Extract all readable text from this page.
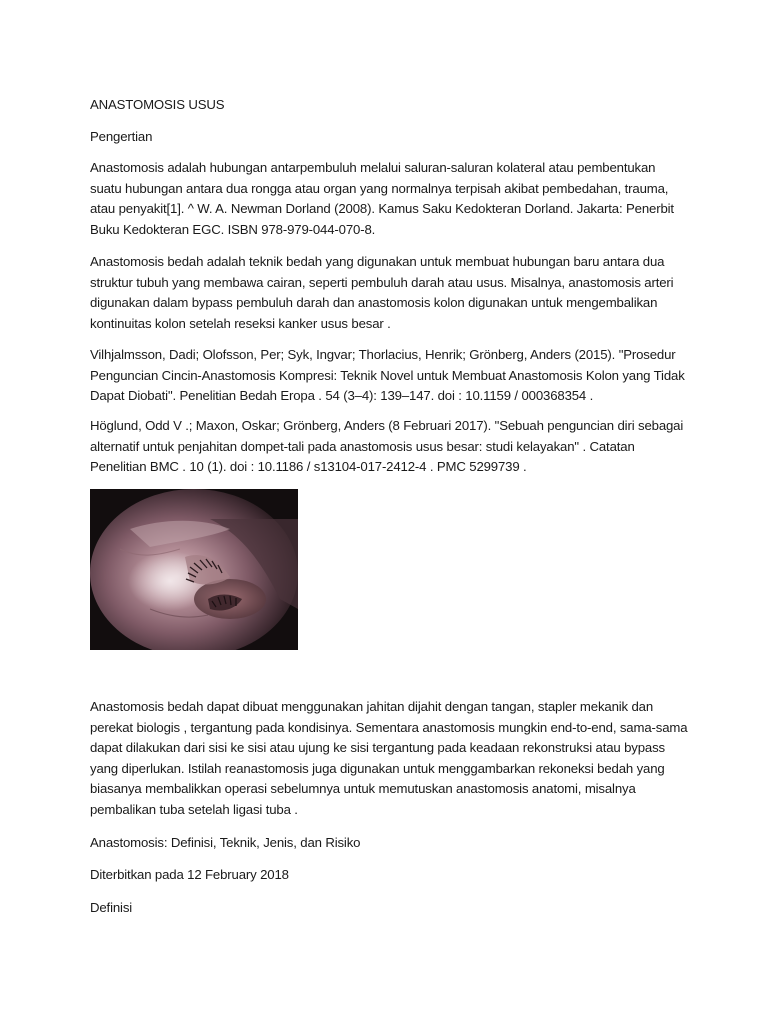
ANASTOMOSIS USUS

Pengertian

Anastomosis adalah hubungan antarpembuluh melalui saluran-saluran kolateral atau pembentukan suatu hubungan antara dua rongga atau organ yang normalnya terpisah akibat pembedahan, trauma, atau penyakit[1]. ^ W. A. Newman Dorland (2008). Kamus Saku Kedokteran Dorland. Jakarta: Penerbit Buku Kedokteran EGC. ISBN 978-979-044-070-8.

Anastomosis bedah adalah teknik bedah yang digunakan untuk membuat hubungan baru antara dua struktur tubuh yang membawa cairan, seperti pembuluh darah atau usus. Misalnya, anastomosis arteri digunakan dalam bypass pembuluh darah dan anastomosis kolon digunakan untuk mengembalikan kontinuitas kolon setelah reseksi kanker usus besar .

Vilhjalmsson, Dadi; Olofsson, Per; Syk, Ingvar; Thorlacius, Henrik; Grönberg, Anders (2015). "Prosedur Penguncian Cincin-Anastomosis Kompresi: Teknik Novel untuk Membuat Anastomosis Kolon yang Tidak Dapat Diobati". Penelitian Bedah Eropa . 54 (3–4): 139–147. doi : 10.1159 / 000368354 .

Höglund, Odd V .; Maxon, Oskar; Grönberg, Anders (8 Februari 2017). "Sebuah penguncian diri sebagai alternatif untuk penjahitan dompet-tali pada anastomosis usus besar: studi kelayakan" . Catatan Penelitian BMC . 10 (1). doi : 10.1186 / s13104-017-2412-4 . PMC 5299739 .

Anastomosis bedah dapat dibuat menggunakan jahitan dijahit dengan tangan, stapler mekanik dan perekat biologis , tergantung pada kondisinya. Sementara anastomosis mungkin end-to-end, sama-sama dapat dilakukan dari sisi ke sisi atau ujung ke sisi tergantung pada keadaan rekonstruksi atau bypass yang diperlukan. Istilah reanastomosis juga digunakan untuk menggambarkan rekoneksi bedah yang biasanya membalikkan operasi sebelumnya untuk memutuskan anastomosis anatomi, misalnya pembalikan tuba setelah ligasi tuba .

Anastomosis: Definisi, Teknik, Jenis, dan Risiko

Diterbitkan pada 12 February 2018

Definisi
